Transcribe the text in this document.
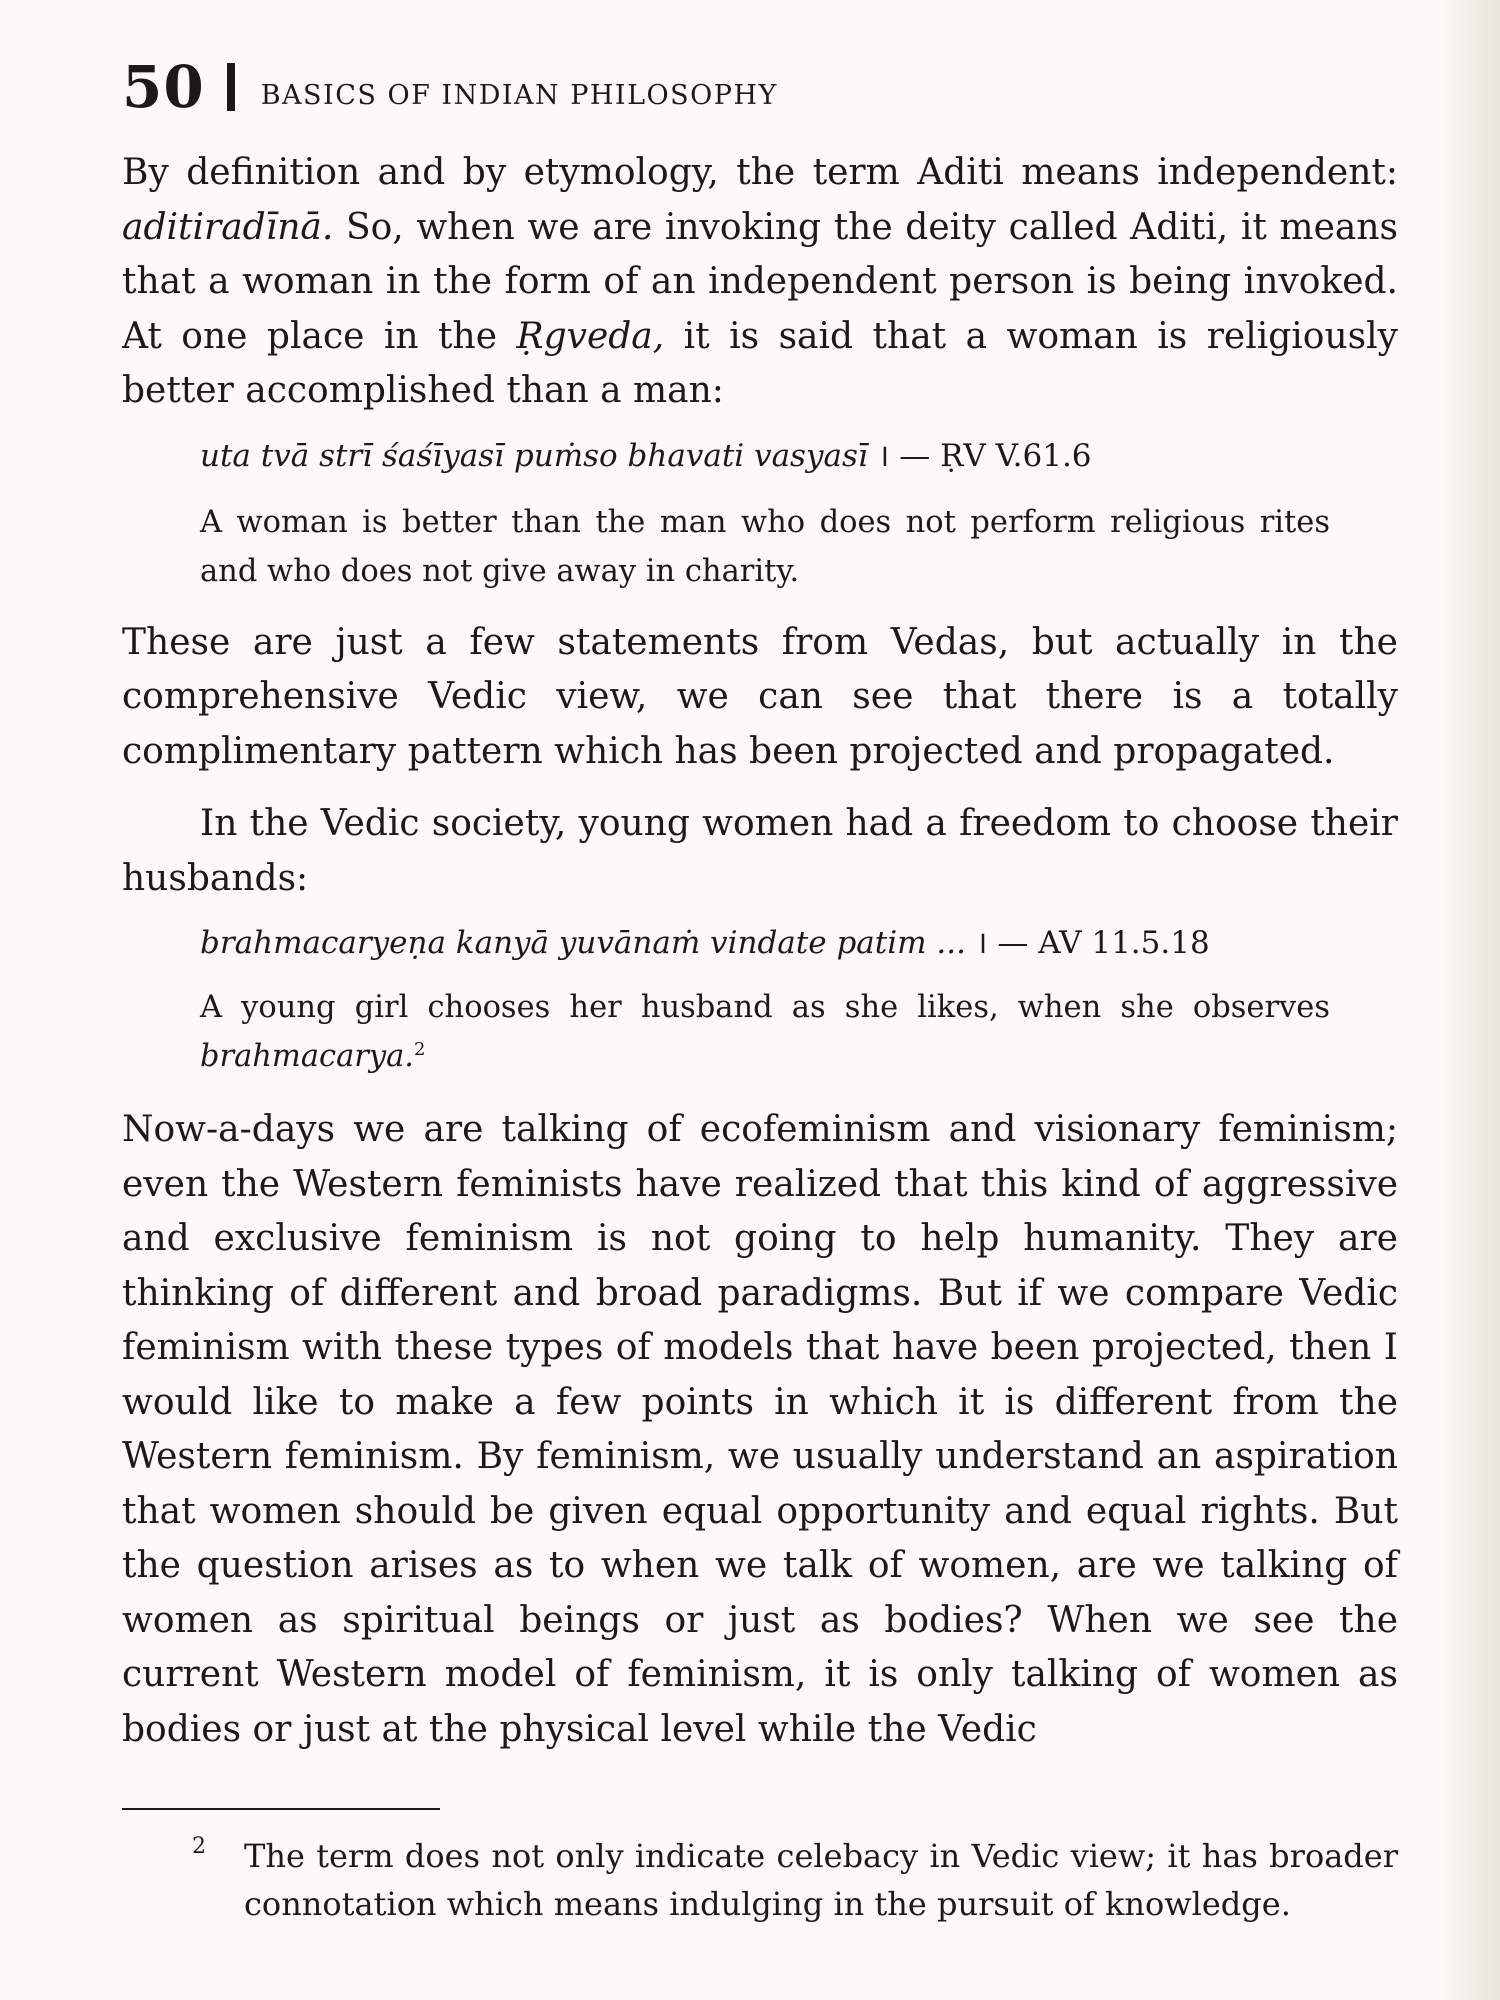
50 BASICS OF INDIAN PHILOSOPHY

By definition and by etymology, the term Aditi means independent: aditiradīnā. So, when we are invoking the deity called Aditi, it means that a woman in the form of an independent person is being invoked. At one place in the Ṛgveda, it is said that a woman is religiously better accomplished than a man:

uta tvā strī śaśīyasī puṁso bhavati vasyasī । — ṚV V.61.6

A woman is better than the man who does not perform religious rites and who does not give away in charity.

These are just a few statements from Vedas, but actually in the comprehensive Vedic view, we can see that there is a totally complimentary pattern which has been projected and propagated.

In the Vedic society, young women had a freedom to choose their husbands:

brahmacaryeṇa kanyā yuvānaṁ vindate patim ... । — AV 11.5.18

A young girl chooses her husband as she likes, when she observes brahmacarya.$^2$

Now-a-days we are talking of ecofeminism and visionary feminism; even the Western feminists have realized that this kind of aggressive and exclusive feminism is not going to help humanity. They are thinking of different and broad paradigms. But if we compare Vedic feminism with these types of models that have been projected, then I would like to make a few points in which it is different from the Western feminism. By feminism, we usually understand an aspiration that women should be given equal opportunity and equal rights. But the question arises as to when we talk of women, are we talking of women as spiritual beings or just as bodies? When we see the current Western model of feminism, it is only talking of women as bodies or just at the physical level while the Vedic

2	The term does not only indicate celebacy in Vedic view; it has broader connotation which means indulging in the pursuit of knowledge.
